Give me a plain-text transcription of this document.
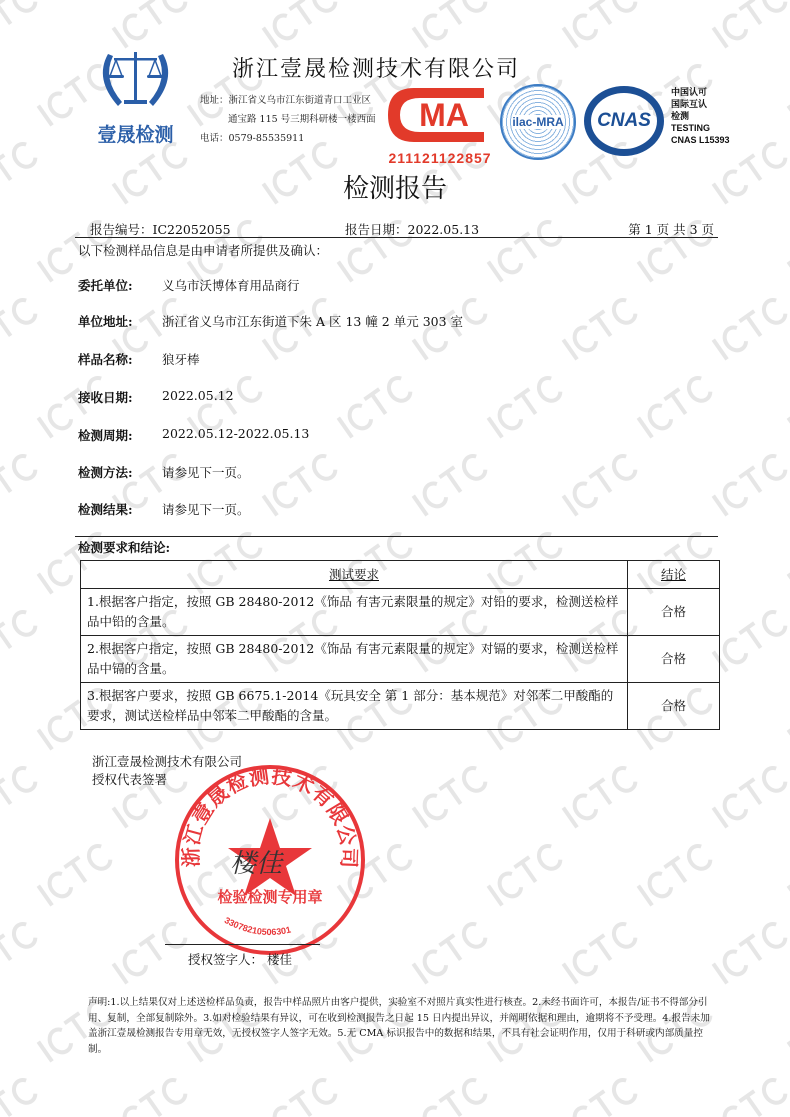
壹晟检测
浙江壹晟检测技术有限公司
地址：浙江省义乌市江东街道青口工业区
通宝路 115 号三期科研楼一楼西面
电话：0579-85535911
MA
211121122857
ilac-MRA CNAS
中国认可
国际互认
检测
TESTING
CNAS L15393
检测报告
报告编号：IC22052055	报告日期：2022.05.13	第 1 页 共 3 页
以下检测样品信息是由申请者所提供及确认：
委托单位: 义乌市沃博体育用品商行
单位地址: 浙江省义乌市江东街道下朱 A 区 13 幢 2 单元 303 室
样品名称: 狼牙棒
接收日期: 2022.05.12
检测周期: 2022.05.12-2022.05.13
检测方法: 请参见下一页。
检测结果: 请参见下一页。
检测要求和结论:
测试要求	结论
1.根据客户指定，按照 GB 28480-2012《饰品 有害元素限量的规定》对铅的要求，检测送检样品中铅的含量。	合格
2.根据客户指定，按照 GB 28480-2012《饰品 有害元素限量的规定》对镉的要求，检测送检样品中镉的含量。	合格
3.根据客户要求，按照 GB 6675.1-2014《玩具安全 第 1 部分：基本规范》对邻苯二甲酸酯的要求，测试送检样品中邻苯二甲酸酯的含量。	合格
浙江壹晟检测技术有限公司
授权代表签署
浙江壹晟检测技术有限公司
楼佳
检验检测专用章
3307821050630​1
授权签字人： 楼佳
声明:1.以上结果仅对上述送检样品负责，报告中样品照片由客户提供，实验室不对照片真实性进行核查。2.未经书面许可，本报告/证书不得部分引用、复制，全部复制除外。3.如对检验结果有异议，可在收到检测报告之日起 15 日内提出异议，并阐明依据和理由，逾期将不予受理。4.报告未加盖浙江壹晟检测报告专用章无效，无授权签字人签字无效。5.无 CMA 标识报告中的数据和结果，不具有社会证明作用，仅用于科研或内部质量控制。
